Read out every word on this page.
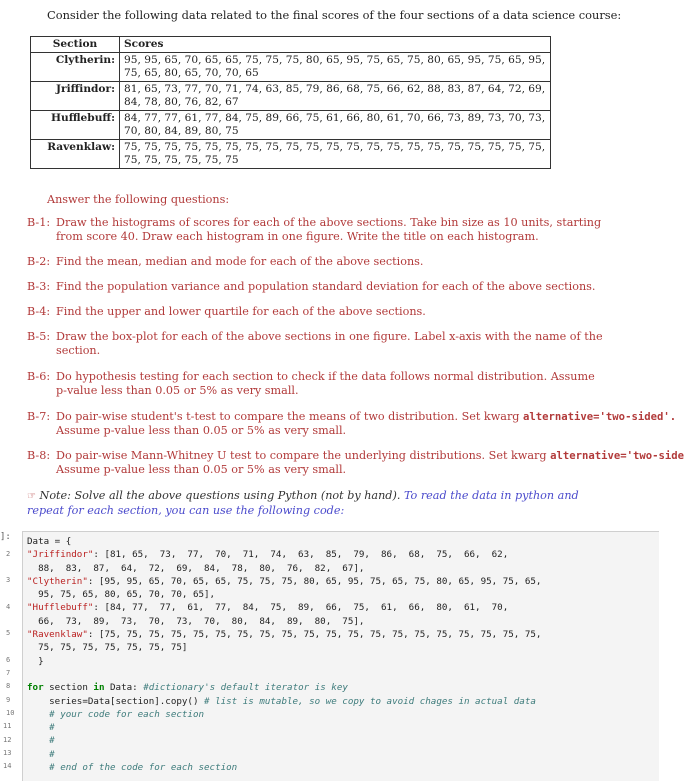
Consider the following data related to the final scores of the four sections of a data science course:
Section	Scores
Clytherin:	95, 95, 65, 70, 65, 65, 75, 75, 75, 80, 65, 95, 75, 65, 75, 80, 65, 95, 75, 65, 95,
75, 65, 80, 65, 70, 70, 65
Jriffindor:	81, 65, 73, 77, 70, 71, 74, 63, 85, 79, 86, 68, 75, 66, 62, 88, 83, 87, 64, 72, 69,
84, 78, 80, 76, 82, 67
Hufflebuff:	84, 77, 77, 61, 77, 84, 75, 89, 66, 75, 61, 66, 80, 61, 70, 66, 73, 89, 73, 70, 73,
70, 80, 84, 89, 80, 75
Ravenklaw:	75, 75, 75, 75, 75, 75, 75, 75, 75, 75, 75, 75, 75, 75, 75, 75, 75, 75, 75, 75, 75,
75, 75, 75, 75, 75, 75
Answer the following questions:
B-1: Draw the histograms of scores for each of the above sections. Take bin size as 10 units, starting
from score 40. Draw each histogram in one figure. Write the title on each histogram.
B-2: Find the mean, median and mode for each of the above sections.
B-3: Find the population variance and population standard deviation for each of the above sections.
B-4: Find the upper and lower quartile for each of the above sections.
B-5: Draw the box-plot for each of the above sections in one figure. Label x-axis with the name of the
section.
B-6: Do hypothesis testing for each section to check if the data follows normal distribution. Assume
p-value less than 0.05 or 5% as very small.
B-7: Do pair-wise student's t-test to compare the means of two distribution. Set kwarg alternative='two-sided'.
Assume p-value less than 0.05 or 5% as very small.
B-8: Do pair-wise Mann-Whitney U test to compare the underlying distributions. Set kwarg alternative='two-side
Assume p-value less than 0.05 or 5% as very small.
☞ Note: Solve all the above questions using Python (not by hand). To read the data in python and
repeat for each section, you can use the following code:
]:
2
3
4
5
6
7
8
9
10
11
12
13
14
Data = {
"Jriffindor": [81, 65,  73,  77,  70,  71,  74,  63,  85,  79,  86,  68,  75,  66,  62,
88,  83,  87,  64,  72,  69,  84,  78,  80,  76,  82,  67],
"Clytherin": [95, 95, 65, 70, 65, 65, 75, 75, 75, 80, 65, 95, 75, 65, 75, 80, 65, 95, 75, 65,
95, 75, 65, 80, 65, 70, 70, 65],
"Hufflebuff": [84, 77,  77,  61,  77,  84,  75,  89,  66,  75,  61,  66,  80,  61,  70,
66,  73,  89,  73,  70,  73,  70,  80,  84,  89,  80,  75],
"Ravenklaw": [75, 75, 75, 75, 75, 75, 75, 75, 75, 75, 75, 75, 75, 75, 75, 75, 75, 75, 75, 75,
75, 75, 75, 75, 75, 75, 75]
}

for section in Data: #dictionary's default iterator is key
series=Data[section].copy() # list is mutable, so we copy to avoid chages in actual data
# your code for each section
#
#
#
# end of the code for each section
